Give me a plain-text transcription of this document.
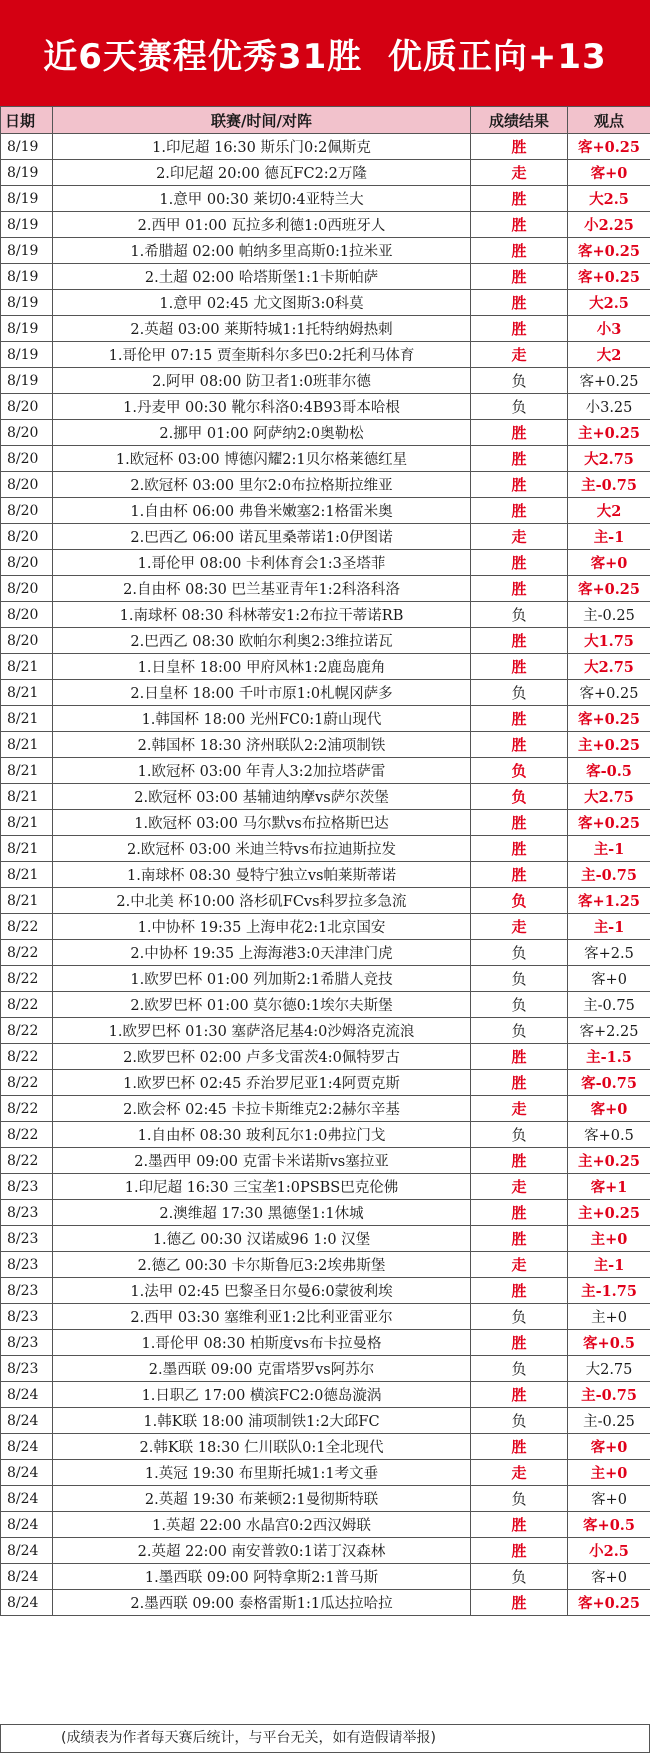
近6天赛程优秀31胜  优质正向+13
日期	联赛/时间/对阵	成绩结果	观点
8/19	1.印尼超 16:30 斯乐门0:2佩斯克	胜	客+0.25
8/19	2.印尼超 20:00 德瓦FC2:2万隆	走	客+0
8/19	1.意甲 00:30 莱切0:4亚特兰大	胜	大2.5
8/19	2.西甲 01:00 瓦拉多利德1:0西班牙人	胜	小2.25
8/19	1.希腊超 02:00 帕纳多里高斯0:1拉米亚	胜	客+0.25
8/19	2.土超 02:00 哈塔斯堡1:1卡斯帕萨	胜	客+0.25
8/19	1.意甲 02:45 尤文图斯3:0科莫	胜	大2.5
8/19	2.英超 03:00 莱斯特城1:1托特纳姆热刺	胜	小3
8/19	1.哥伦甲 07:15 贾奎斯科尔多巴0:2托利马体育	走	大2
8/19	2.阿甲 08:00 防卫者1:0班菲尔德	负	客+0.25
8/20	1.丹麦甲 00:30 靴尔科洛0:4B93哥本哈根	负	小3.25
8/20	2.挪甲 01:00 阿萨纳2:0奥勒松	胜	主+0.25
8/20	1.欧冠杯 03:00 博德闪耀2:1贝尔格莱德红星	胜	大2.75
8/20	2.欧冠杯 03:00 里尔2:0布拉格斯拉维亚	胜	主-0.75
8/20	1.自由杯 06:00 弗鲁米嫩塞2:1格雷米奥	胜	大2
8/20	2.巴西乙 06:00 诺瓦里桑蒂诺1:0伊图诺	走	主-1
8/20	1.哥伦甲 08:00 卡利体育会1:3圣塔菲	胜	客+0
8/20	2.自由杯 08:30 巴兰基亚青年1:2科洛科洛	胜	客+0.25
8/20	1.南球杯 08:30 科林蒂安1:2布拉干蒂诺RB	负	主-0.25
8/20	2.巴西乙 08:30 欧帕尔利奥2:3维拉诺瓦	胜	大1.75
8/21	1.日皇杯 18:00 甲府风林1:2鹿岛鹿角	胜	大2.75
8/21	2.日皇杯 18:00 千叶市原1:0札幌冈萨多	负	客+0.25
8/21	1.韩国杯 18:00 光州FC0:1蔚山现代	胜	客+0.25
8/21	2.韩国杯 18:30 济州联队2:2浦项制铁	胜	主+0.25
8/21	1.欧冠杯 03:00 年青人3:2加拉塔萨雷	负	客-0.5
8/21	2.欧冠杯 03:00 基辅迪纳摩vs萨尔茨堡	负	大2.75
8/21	1.欧冠杯 03:00 马尔默vs布拉格斯巴达	胜	客+0.25
8/21	2.欧冠杯 03:00 米迪兰特vs布拉迪斯拉发	胜	主-1
8/21	1.南球杯 08:30 曼特宁独立vs帕莱斯蒂诺	胜	主-0.75
8/21	2.中北美 杯10:00 洛杉矶FCvs科罗拉多急流	负	客+1.25
8/22	1.中协杯 19:35 上海申花2:1北京国安	走	主-1
8/22	2.中协杯 19:35 上海海港3:0天津津门虎	负	客+2.5
8/22	1.欧罗巴杯 01:00 列加斯2:1希腊人竞技	负	客+0
8/22	2.欧罗巴杯 01:00 莫尔德0:1埃尔夫斯堡	负	主-0.75
8/22	1.欧罗巴杯 01:30 塞萨洛尼基4:0沙姆洛克流浪	负	客+2.25
8/22	2.欧罗巴杯 02:00 卢多戈雷茨4:0佩特罗古	胜	主-1.5
8/22	1.欧罗巴杯 02:45 乔治罗尼亚1:4阿贾克斯	胜	客-0.75
8/22	2.欧会杯 02:45 卡拉卡斯维克2:2赫尔辛基	走	客+0
8/22	1.自由杯 08:30 玻利瓦尔1:0弗拉门戈	负	客+0.5
8/22	2.墨西甲 09:00 克雷卡米诺斯vs塞拉亚	胜	主+0.25
8/23	1.印尼超 16:30 三宝垄1:0PSBS巴克伦佛	走	客+1
8/23	2.澳维超 17:30 黑德堡1:1休城	胜	主+0.25
8/23	1.德乙 00:30 汉诺威96 1:0 汉堡	胜	主+0
8/23	2.德乙 00:30 卡尔斯鲁厄3:2埃弗斯堡	走	主-1
8/23	1.法甲 02:45 巴黎圣日尔曼6:0蒙彼利埃	胜	主-1.75
8/23	2.西甲 03:30 塞维利亚1:2比利亚雷亚尔	负	主+0
8/23	1.哥伦甲 08:30 柏斯度vs布卡拉曼格	胜	客+0.5
8/23	2.墨西联 09:00 克雷塔罗vs阿苏尔	负	大2.75
8/24	1.日职乙 17:00 横滨FC2:0德岛漩涡	胜	主-0.75
8/24	1.韩K联 18:00 浦项制铁1:2大邱FC	负	主-0.25
8/24	2.韩K联 18:30 仁川联队0:1全北现代	胜	客+0
8/24	1.英冠 19:30 布里斯托城1:1考文垂	走	主+0
8/24	2.英超 19:30 布莱顿2:1曼彻斯特联	负	客+0
8/24	1.英超 22:00 水晶宫0:2西汉姆联	胜	客+0.5
8/24	2.英超 22:00 南安普敦0:1诺丁汉森林	胜	小2.5
8/24	1.墨西联 09:00 阿特拿斯2:1普马斯	负	客+0
8/24	2.墨西联 09:00 泰格雷斯1:1瓜达拉哈拉	胜	客+0.25
(成绩表为作者每天赛后统计，与平台无关，如有造假请举报)
